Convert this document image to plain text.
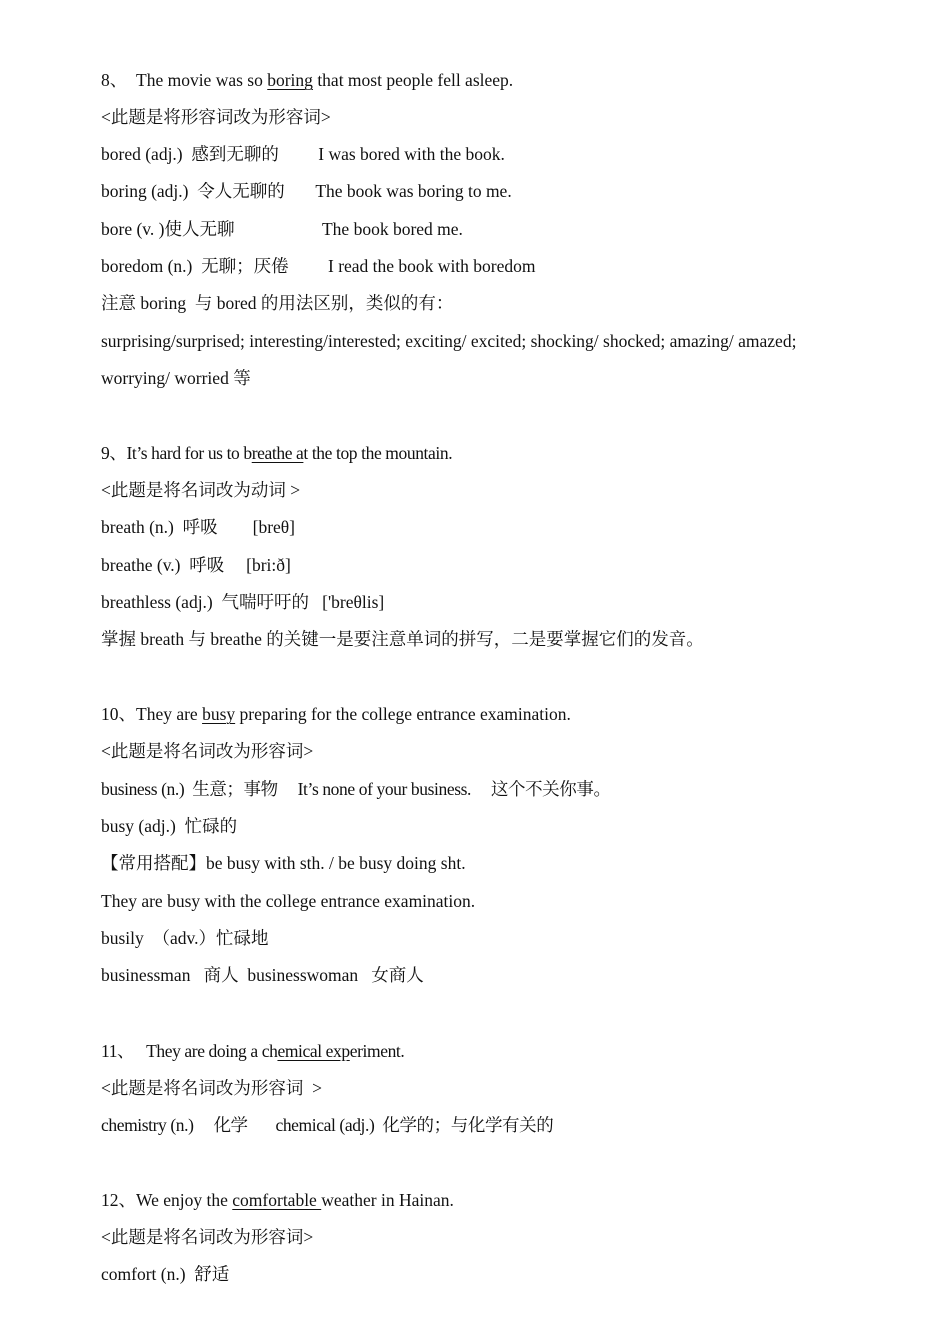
8、  The movie was so boring that most people fell asleep.
<此题是将形容词改为形容词>
bored (adj.)  感到无聊的         I was bored with the book.
boring (adj.)  令人无聊的       The book was boring to me.
bore (v. )使人无聊                    The book bored me.
boredom (n.)  无聊；厌倦         I read the book with boredom
注意 boring  与 bored 的用法区别，类似的有：
surprising/surprised; interesting/interested; exciting/ excited; shocking/ shocked; amazing/ amazed;
worrying/ worried 等
9、It’s hard for us to breathe at the top the mountain.
<此题是将名词改为动词 >
breath (n.)  呼吸        [breθ]
breathe (v.)  呼吸     [bri:ð]
breathless (adj.)  气喘吁吁的   ['breθlis]
掌握 breath 与 breathe 的关键一是要注意单词的拼写，二是要掌握它们的发音。
10、They are busy preparing for the college entrance examination.
<此题是将名词改为形容词>
business (n.)  生意；事物     It’s none of your business.     这个不关你事。
busy (adj.)  忙碌的
【常用搭配】be busy with sth. / be busy doing sht.
They are busy with the college entrance examination.
busily  （adv.）忙碌地
businessman   商人  businesswoman   女商人
11、   They are doing a chemical experiment.
<此题是将名词改为形容词  >
chemistry (n.)     化学       chemical (adj.)  化学的；与化学有关的
12、We enjoy the comfortable weather in Hainan.
<此题是将名词改为形容词>
comfort (n.)  舒适
